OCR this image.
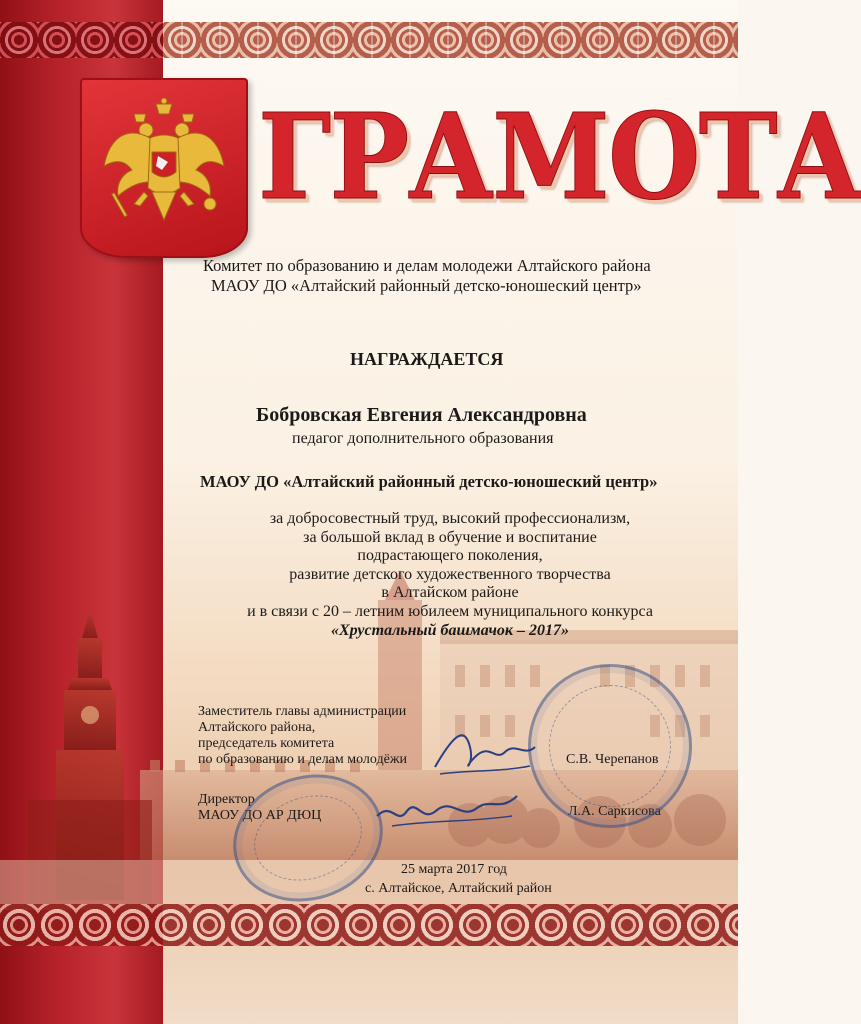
ГРАМОТА
Комитет по образованию и делам молодежи Алтайского района
МАОУ ДО «Алтайский районный детско-юношеский центр»
НАГРАЖДАЕТСЯ
Бобровская Евгения Александровна
педагог дополнительного образования
МАОУ ДО «Алтайский районный детско-юношеский центр»
за добросовестный труд, высокий профессионализм,
за большой вклад в обучение и воспитание
подрастающего поколения,
развитие детского художественного творчества
в Алтайском районе
и в связи с 20 – летним юбилеем муниципального конкурса
«Хрустальный башмачок – 2017»
Заместитель главы администрации
Алтайского района,
председатель комитета
по образованию и делам молодёжи	С.В. Черепанов
Директор
МАОУ ДО АР ДЮЦ	Л.А. Саркисова
25 марта 2017 год
с. Алтайское, Алтайский район
